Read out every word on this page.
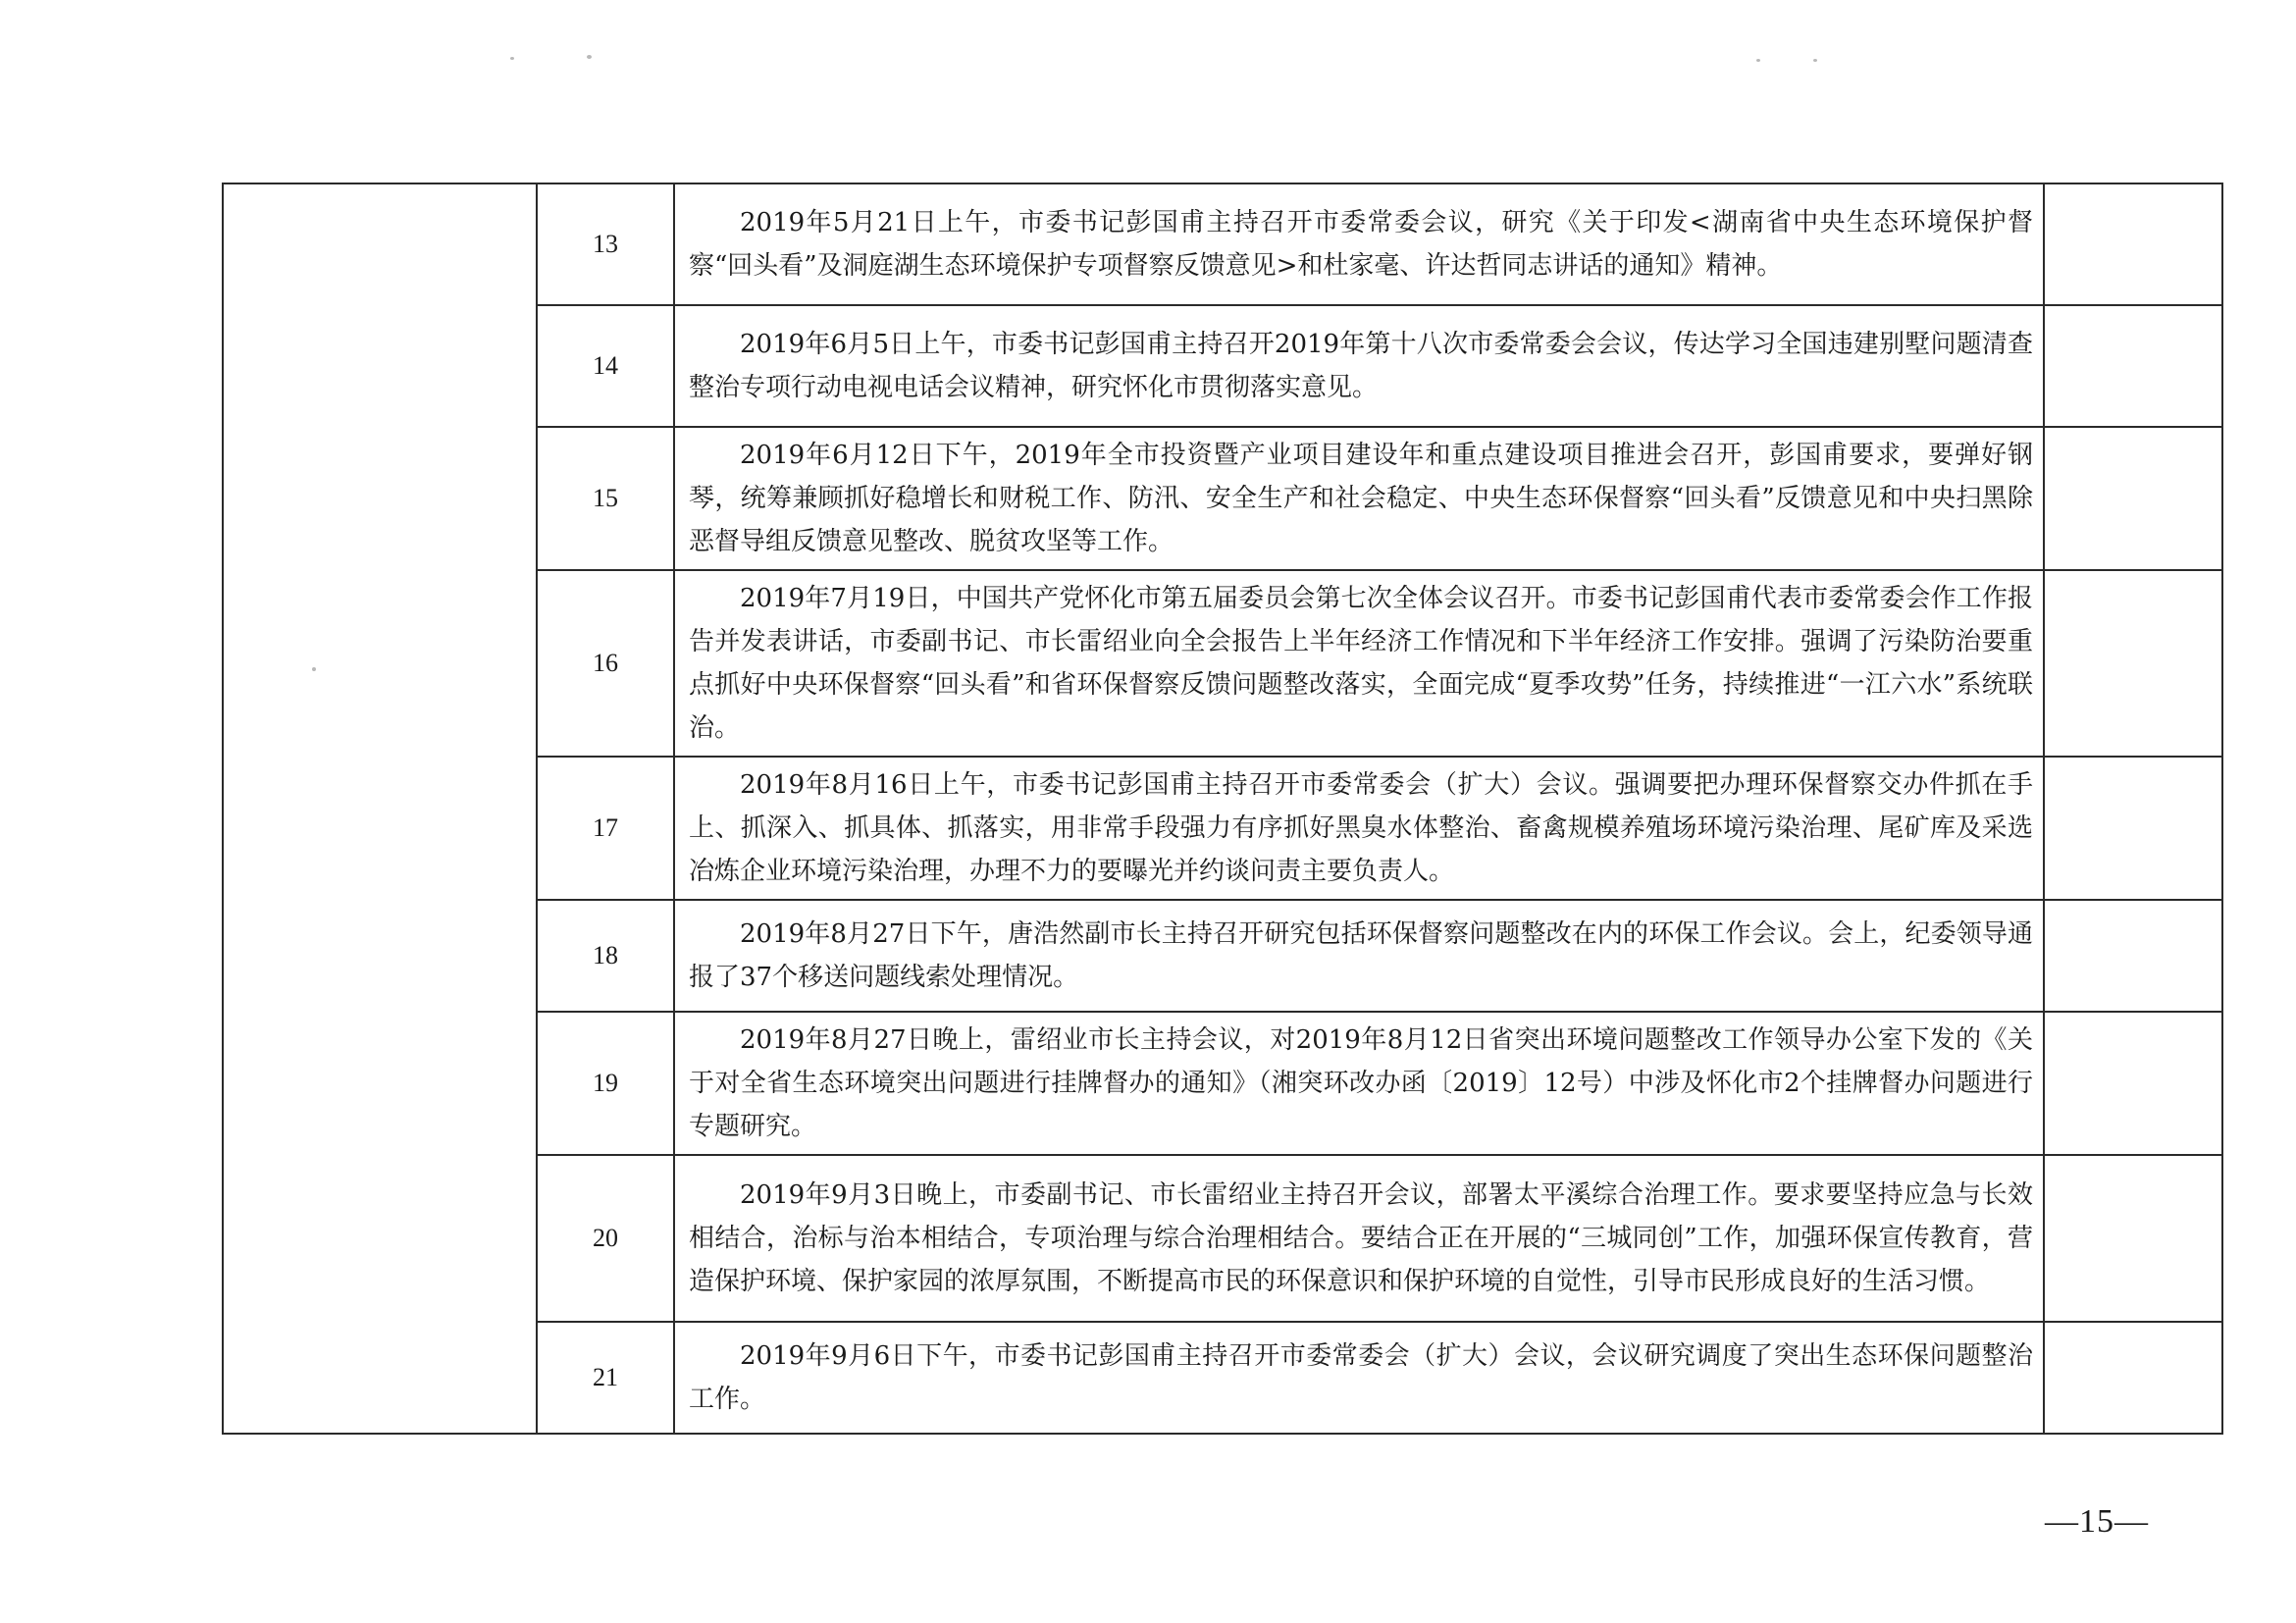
	13	2019年5月21日上午，市委书记彭国甫主持召开市委常委会议，研究《关于印发<湖南省中央生态环境保护督察“回头看”及洞庭湖生态环境保护专项督察反馈意见>和杜家毫、许达哲同志讲话的通知》精神。	

	14	2019年6月5日上午，市委书记彭国甫主持召开2019年第十八次市委常委会会议，传达学习全国违建别墅问题清查整治专项行动电视电话会议精神，研究怀化市贯彻落实意见。	

	15	2019年6月12日下午，2019年全市投资暨产业项目建设年和重点建设项目推进会召开，彭国甫要求，要弹好钢琴，统筹兼顾抓好稳增长和财税工作、防汛、安全生产和社会稳定、中央生态环保督察“回头看”反馈意见和中央扫黑除恶督导组反馈意见整改、脱贫攻坚等工作。	

	16	2019年7月19日，中国共产党怀化市第五届委员会第七次全体会议召开。市委书记彭国甫代表市委常委会作工作报告并发表讲话，市委副书记、市长雷绍业向全会报告上半年经济工作情况和下半年经济工作安排。强调了污染防治要重点抓好中央环保督察“回头看”和省环保督察反馈问题整改落实，全面完成“夏季攻势”任务，持续推进“一江六水”系统联治。	

	17	2019年8月16日上午，市委书记彭国甫主持召开市委常委会（扩大）会议。强调要把办理环保督察交办件抓在手上、抓深入、抓具体、抓落实，用非常手段强力有序抓好黑臭水体整治、畜禽规模养殖场环境污染治理、尾矿库及采选冶炼企业环境污染治理，办理不力的要曝光并约谈问责主要负责人。	

	18	2019年8月27日下午，唐浩然副市长主持召开研究包括环保督察问题整改在内的环保工作会议。会上，纪委领导通报了37个移送问题线索处理情况。	

	19	2019年8月27日晚上，雷绍业市长主持会议，对2019年8月12日省突出环境问题整改工作领导办公室下发的《关于对全省生态环境突出问题进行挂牌督办的通知》（湘突环改办函〔2019〕12号）中涉及怀化市2个挂牌督办问题进行专题研究。	

	20	2019年9月3日晚上，市委副书记、市长雷绍业主持召开会议，部署太平溪综合治理工作。要求要坚持应急与长效相结合，治标与治本相结合，专项治理与综合治理相结合。要结合正在开展的“三城同创”工作，加强环保宣传教育，营造保护环境、保护家园的浓厚氛围，不断提高市民的环保意识和保护环境的自觉性，引导市民形成良好的生活习惯。	

	21	2019年9月6日下午，市委书记彭国甫主持召开市委常委会（扩大）会议，会议研究调度了突出生态环保问题整治工作。	

—15—
